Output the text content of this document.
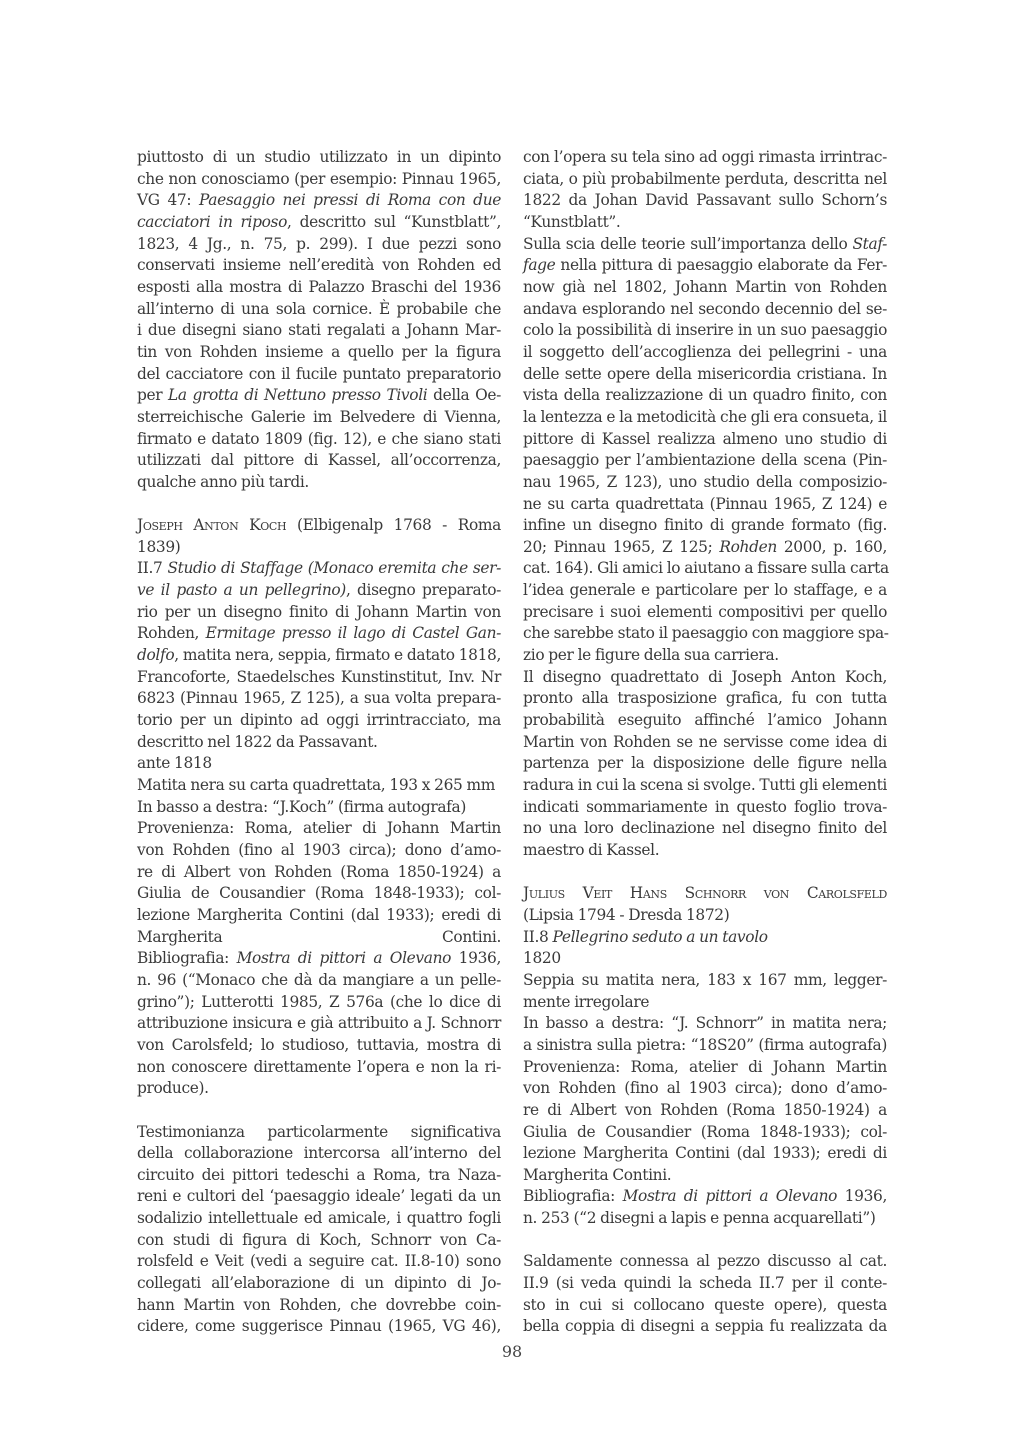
piuttosto di un studio utilizzato in un dipinto
che non conosciamo (per esempio: Pinnau 1965,
VG 47: Paesaggio nei pressi di Roma con due
cacciatori in riposo, descritto sul “Kunstblatt”,
1823, 4 Jg., n. 75, p. 299). I due pezzi sono
conservati insieme nell’eredità von Rohden ed
esposti alla mostra di Palazzo Braschi del 1936
all’interno di una sola cornice. È probabile che
i due disegni siano stati regalati a Johann Mar-
tin von Rohden insieme a quello per la figura
del cacciatore con il fucile puntato preparatorio
per La grotta di Nettuno presso Tivoli della Oe-
sterreichische Galerie im Belvedere di Vienna,
firmato e datato 1809 (fig. 12), e che siano stati
utilizzati dal pittore di Kassel, all’occorrenza,
qualche anno più tardi.
Joseph Anton Koch (Elbigenalp 1768 - Roma
1839)
II.7 Studio di Staffage (Monaco eremita che ser-
ve il pasto a un pellegrino), disegno preparato-
rio per un disegno finito di Johann Martin von
Rohden, Ermitage presso il lago di Castel Gan-
dolfo, matita nera, seppia, firmato e datato 1818,
Francoforte, Staedelsches Kunstinstitut, Inv. Nr
6823 (Pinnau 1965, Z 125), a sua volta prepara-
torio per un dipinto ad oggi irrintracciato, ma
descritto nel 1822 da Passavant.
ante 1818
Matita nera su carta quadrettata, 193 x 265 mm
In basso a destra: “J.Koch” (firma autografa)
Provenienza: Roma, atelier di Johann Martin
von Rohden (fino al 1903 circa); dono d’amo-
re di Albert von Rohden (Roma 1850-1924) a
Giulia de Cousandier (Roma 1848-1933); col-
lezione Margherita Contini (dal 1933); eredi di
Margherita Contini.
Bibliografia: Mostra di pittori a Olevano 1936,
n. 96 (“Monaco che dà da mangiare a un pelle-
grino”); Lutterotti 1985, Z 576a (che lo dice di
attribuzione insicura e già attribuito a J. Schnorr
von Carolsfeld; lo studioso, tuttavia, mostra di
non conoscere direttamente l’opera e non la ri-
produce).
Testimonianza particolarmente significativa
della collaborazione intercorsa all’interno del
circuito dei pittori tedeschi a Roma, tra Naza-
reni e cultori del ‘paesaggio ideale’ legati da un
sodalizio intellettuale ed amicale, i quattro fogli
con studi di figura di Koch, Schnorr von Ca-
rolsfeld e Veit (vedi a seguire cat. II.8-10) sono
collegati all’elaborazione di un dipinto di Jo-
hann Martin von Rohden, che dovrebbe coin-
cidere, come suggerisce Pinnau (1965, VG 46),
con l’opera su tela sino ad oggi rimasta irrintrac-
ciata, o più probabilmente perduta, descritta nel
1822 da Johan David Passavant sullo Schorn’s
“Kunstblatt”.
Sulla scia delle teorie sull’importanza dello Staf-
fage nella pittura di paesaggio elaborate da Fer-
now già nel 1802, Johann Martin von Rohden
andava esplorando nel secondo decennio del se-
colo la possibilità di inserire in un suo paesaggio
il soggetto dell’accoglienza dei pellegrini - una
delle sette opere della misericordia cristiana. In
vista della realizzazione di un quadro finito, con
la lentezza e la metodicità che gli era consueta, il
pittore di Kassel realizza almeno uno studio di
paesaggio per l’ambientazione della scena (Pin-
nau 1965, Z 123), uno studio della composizio-
ne su carta quadrettata (Pinnau 1965, Z 124) e
infine un disegno finito di grande formato (fig.
20; Pinnau 1965, Z 125; Rohden 2000, p. 160,
cat. 164). Gli amici lo aiutano a fissare sulla carta
l’idea generale e particolare per lo staffage, e a
precisare i suoi elementi compositivi per quello
che sarebbe stato il paesaggio con maggiore spa-
zio per le figure della sua carriera.
Il disegno quadrettato di Joseph Anton Koch,
pronto alla trasposizione grafica, fu con tutta
probabilità eseguito affinché l’amico Johann
Martin von Rohden se ne servisse come idea di
partenza per la disposizione delle figure nella
radura in cui la scena si svolge. Tutti gli elementi
indicati sommariamente in questo foglio trova-
no una loro declinazione nel disegno finito del
maestro di Kassel.
Julius Veit Hans Schnorr von Carolsfeld
(Lipsia 1794 - Dresda 1872)
II.8 Pellegrino seduto a un tavolo
1820
Seppia su matita nera, 183 x 167 mm, legger-
mente irregolare
In basso a destra: “J. Schnorr” in matita nera;
a sinistra sulla pietra: “18S20” (firma autografa)
Provenienza: Roma, atelier di Johann Martin
von Rohden (fino al 1903 circa); dono d’amo-
re di Albert von Rohden (Roma 1850-1924) a
Giulia de Cousandier (Roma 1848-1933); col-
lezione Margherita Contini (dal 1933); eredi di
Margherita Contini.
Bibliografia: Mostra di pittori a Olevano 1936,
n. 253 (“2 disegni a lapis e penna acquarellati”)
Saldamente connessa al pezzo discusso al cat.
II.9 (si veda quindi la scheda II.7 per il conte-
sto in cui si collocano queste opere), questa
bella coppia di disegni a seppia fu realizzata da
98
